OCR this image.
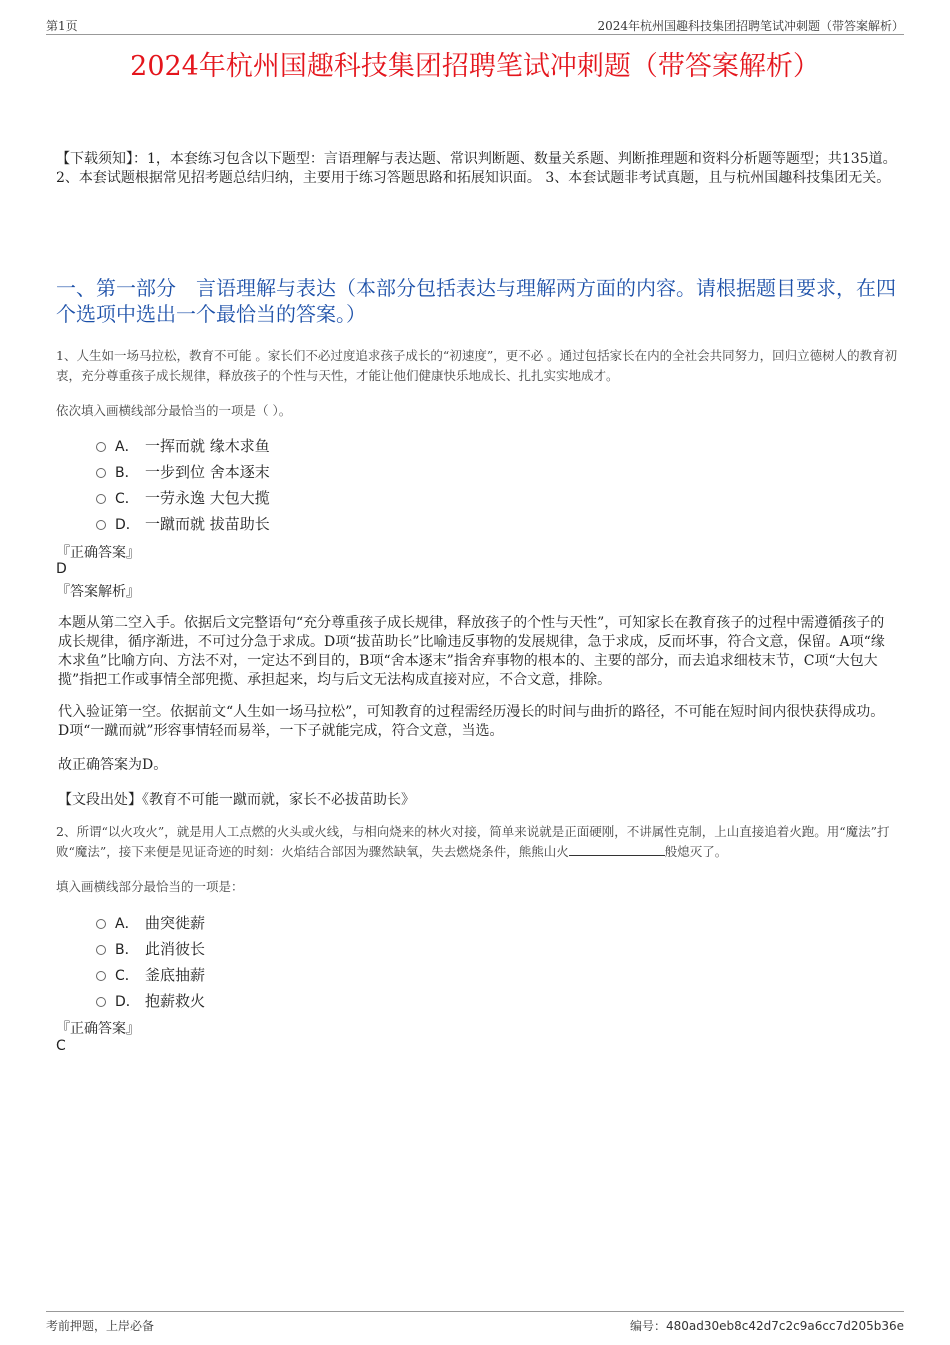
第1页	2024年杭州国趣科技集团招聘笔试冲刺题（带答案解析）
2024年杭州国趣科技集团招聘笔试冲刺题（带答案解析）
【下载须知】：1，本套练习包含以下题型：言语理解与表达题、常识判断题、数量关系题、判断推理题和资料分析题等题型；共135道。 2、本套试题根据常见招考题总结归纳，主要用于练习答题思路和拓展知识面。 3、本套试题非考试真题，且与杭州国趣科技集团无关。
一、第一部分　言语理解与表达（本部分包括表达与理解两方面的内容。请根据题目要求，在四个选项中选出一个最恰当的答案。）
1、人生如一场马拉松，教育不可能 。家长们不必过度追求孩子成长的“初速度”，更不必 。通过包括家长在内的全社会共同努力，回归立德树人的教育初衷，充分尊重孩子成长规律，释放孩子的个性与天性，才能让他们健康快乐地成长、扎扎实实地成才。
依次填入画横线部分最恰当的一项是（ ）。
A． 一挥而就 缘木求鱼
B． 一步到位 舍本逐末
C． 一劳永逸 大包大揽
D． 一蹴而就 拔苗助长
『正确答案』
D
『答案解析』
本题从第二空入手。依据后文完整语句“充分尊重孩子成长规律，释放孩子的个性与天性”，可知家长在教育孩子的过程中需遵循孩子的成长规律，循序渐进，不可过分急于求成。D项“拔苗助长”比喻违反事物的发展规律，急于求成，反而坏事，符合文意，保留。A项“缘木求鱼”比喻方向、方法不对，一定达不到目的，B项“舍本逐末”指舍弃事物的根本的、主要的部分，而去追求细枝末节，C项“大包大揽”指把工作或事情全部兜揽、承担起来，均与后文无法构成直接对应，不合文意，排除。
代入验证第一空。依据前文“人生如一场马拉松”，可知教育的过程需经历漫长的时间与曲折的路径，不可能在短时间内很快获得成功。D项“一蹴而就”形容事情轻而易举，一下子就能完成，符合文意，当选。
故正确答案为D。
【文段出处】《教育不可能一蹴而就，家长不必拔苗助长》
2、所谓“以火攻火”，就是用人工点燃的火头或火线，与相向烧来的林火对接，简单来说就是正面硬刚，不讲属性克制，上山直接追着火跑。用“魔法”打败“魔法”，接下来便是见证奇迹的时刻：火焰结合部因为骤然缺氧，失去燃烧条件，熊熊山火	般熄灭了。
填入画横线部分最恰当的一项是：
A． 曲突徙薪
B． 此消彼长
C． 釜底抽薪
D． 抱薪救火
『正确答案』
C
考前押题，上岸必备	编号：480ad30eb8c42d7c2c9a6cc7d205b36e
